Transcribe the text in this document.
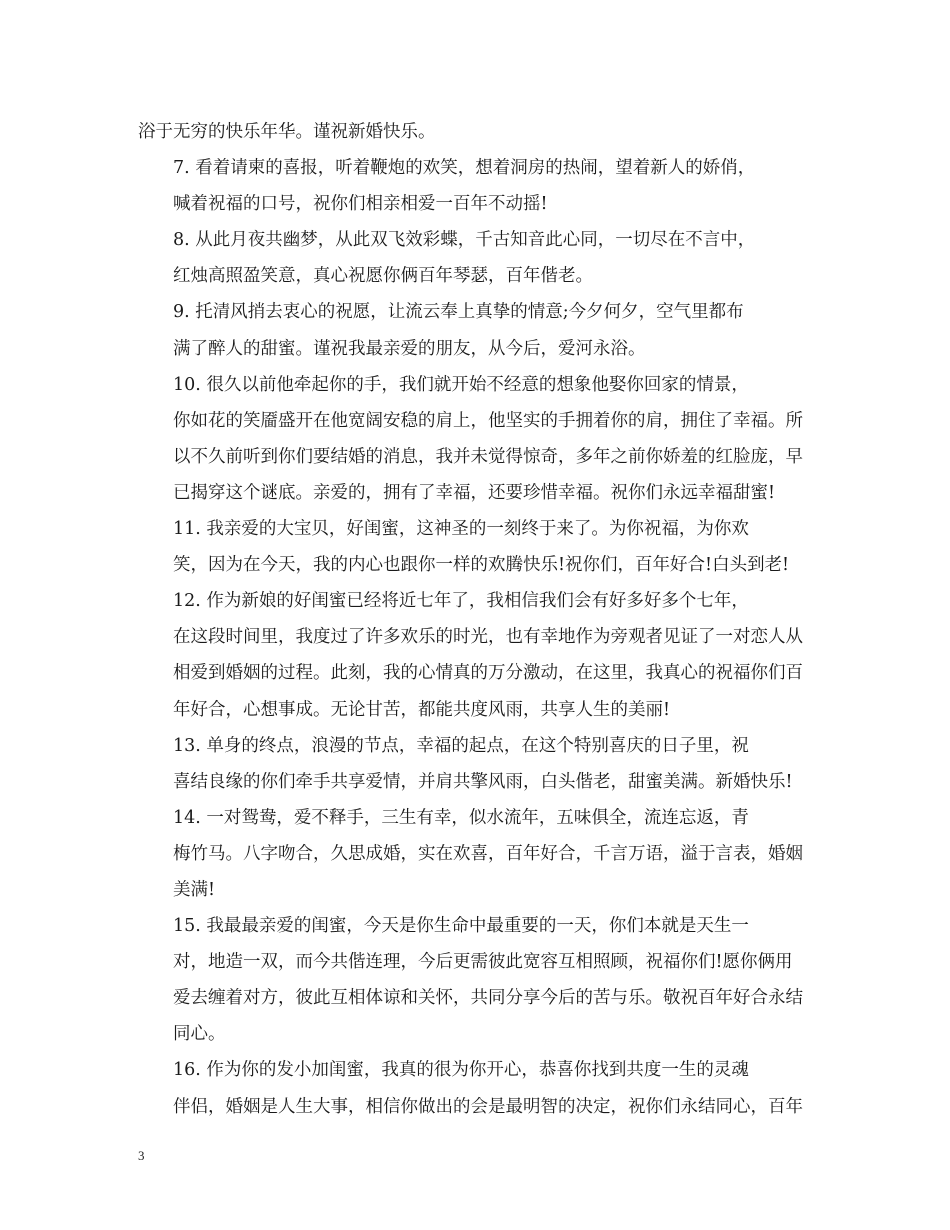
浴于无穷的快乐年华。谨祝新婚快乐。

7. 看着请柬的喜报，听着鞭炮的欢笑，想着洞房的热闹，望着新人的娇俏，
喊着祝福的口号，祝你们相亲相爱一百年不动摇!

8. 从此月夜共幽梦，从此双飞效彩蝶，千古知音此心同，一切尽在不言中，
红烛高照盈笑意，真心祝愿你俩百年琴瑟，百年偕老。

9. 托清风捎去衷心的祝愿，让流云奉上真挚的情意;今夕何夕，空气里都布
满了醉人的甜蜜。谨祝我最亲爱的朋友，从今后，爱河永浴。

10. 很久以前他牵起你的手，我们就开始不经意的想象他娶你回家的情景，
你如花的笑靥盛开在他宽阔安稳的肩上，他坚实的手拥着你的肩，拥住了幸福。所
以不久前听到你们要结婚的消息，我并未觉得惊奇，多年之前你娇羞的红脸庞，早
已揭穿这个谜底。亲爱的，拥有了幸福，还要珍惜幸福。祝你们永远幸福甜蜜!

11. 我亲爱的大宝贝，好闺蜜，这神圣的一刻终于来了。为你祝福，为你欢
笑，因为在今天，我的内心也跟你一样的欢腾快乐!祝你们，百年好合!白头到老!

12. 作为新娘的好闺蜜已经将近七年了，我相信我们会有好多好多个七年，
在这段时间里，我度过了许多欢乐的时光，也有幸地作为旁观者见证了一对恋人从
相爱到婚姻的过程。此刻，我的心情真的万分激动，在这里，我真心的祝福你们百
年好合，心想事成。无论甘苦，都能共度风雨，共享人生的美丽!

13. 单身的终点，浪漫的节点，幸福的起点，在这个特别喜庆的日子里，祝
喜结良缘的你们牵手共享爱情，并肩共擎风雨，白头偕老，甜蜜美满。新婚快乐!

14. 一对鸳鸯，爱不释手，三生有幸，似水流年，五味俱全，流连忘返，青
梅竹马。八字吻合，久思成婚，实在欢喜，百年好合，千言万语，溢于言表，婚姻
美满!

15. 我最最亲爱的闺蜜，今天是你生命中最重要的一天，你们本就是天生一
对，地造一双，而今共偕连理，今后更需彼此宽容互相照顾，祝福你们!愿你俩用
爱去缠着对方，彼此互相体谅和关怀，共同分享今后的苦与乐。敬祝百年好合永结
同心。

16. 作为你的发小加闺蜜，我真的很为你开心，恭喜你找到共度一生的灵魂
伴侣，婚姻是人生大事，相信你做出的会是最明智的决定，祝你们永结同心，百年

3
